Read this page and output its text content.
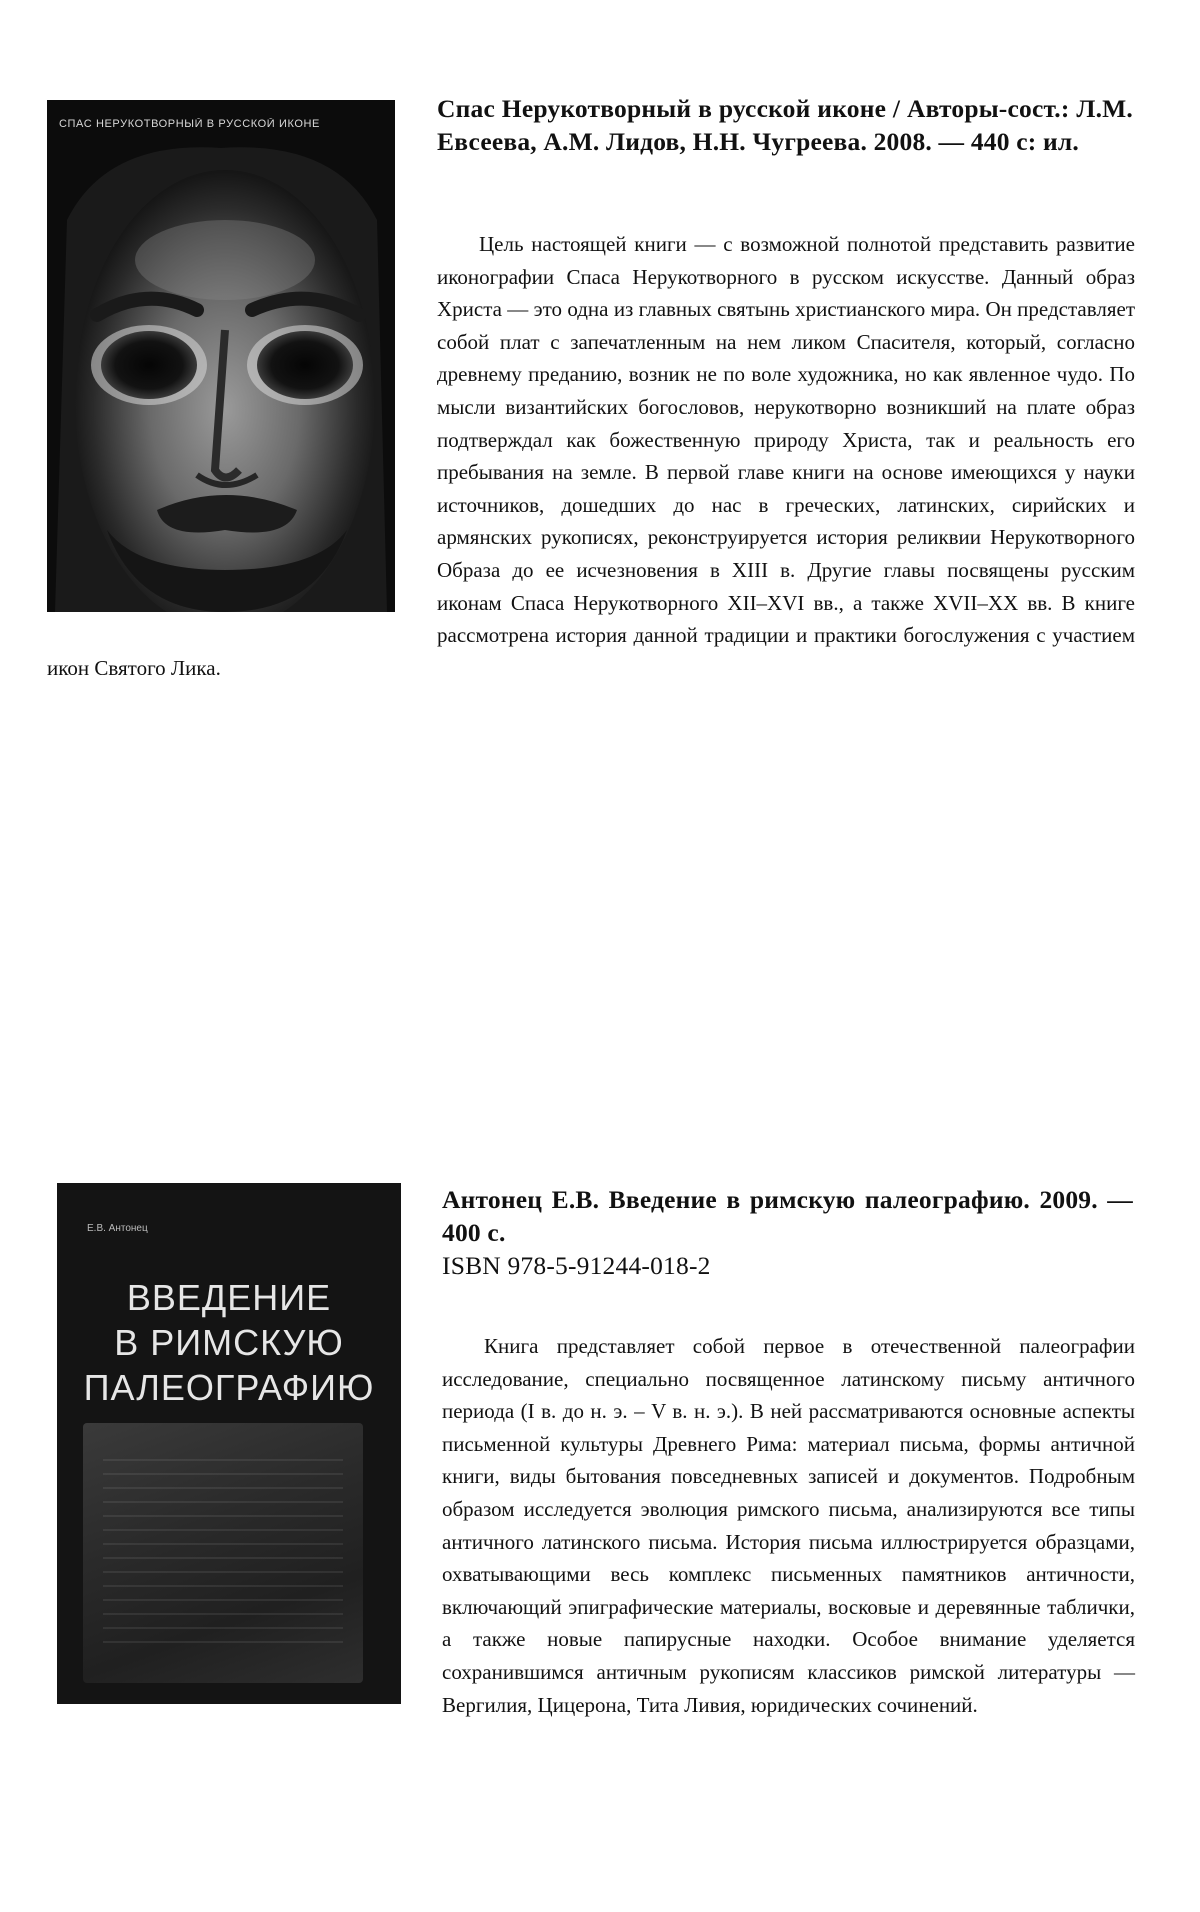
СПАС НЕРУКОТВОРНЫЙ В РУССКОЙ ИКОНЕ
Спас Нерукотворный в русской иконе / Авторы-сост.: Л.М. Евсеева, А.М. Лидов, Н.Н. Чугреева. 2008. — 440 с: ил.

Цель настоящей книги — с возможной полнотой представить развитие иконографии Спаса Нерукотворного в русском искусстве. Данный образ Христа — это одна из главных святынь христианского мира. Он представляет собой плат с запечатленным на нем ликом Спасителя, который, согласно древнему преданию, возник не по воле художника, но как явленное чудо. По мысли византийских богословов, нерукотворно возникший на плате образ подтверждал как божественную природу Христа, так и реальность его пребывания на земле. В первой главе книги на основе имеющихся у науки источников, дошедших до нас в греческих, латинских, сирийских и армянских рукописях, реконструируется история реликвии Нерукотворного Образа до ее исчезновения в XIII в. Другие главы посвящены русским иконам Спаса Нерукотворного XII–XVI вв., а также XVII–XX вв. В книге рассмотрена история данной традиции и практики богослужения с участием икон Святого Лика.

Е.В. Антонец
ВВЕДЕНИЕ
В РИМСКУЮ
ПАЛЕОГРАФИЮ
Антонец Е.В. Введение в римскую палеографию. 2009. — 400 с.
ISBN 978-5-91244-018-2

Книга представляет собой первое в отечественной палеографии исследование, специально посвященное латинскому письму античного периода (I в. до н. э. – V в. н. э.). В ней рассматриваются основные аспекты письменной культуры Древнего Рима: материал письма, формы античной книги, виды бытования повседневных записей и документов. Подробным образом исследуется эволюция римского письма, анализируются все типы античного латинского письма. История письма иллюстрируется образцами, охватывающими весь комплекс письменных памятников античности, включающий эпиграфические материалы, восковые и деревянные таблички, а также новые папирусные находки. Особое внимание уделяется сохранившимся античным рукописям классиков римской литературы — Вергилия, Цицерона, Тита Ливия, юридических сочинений.
